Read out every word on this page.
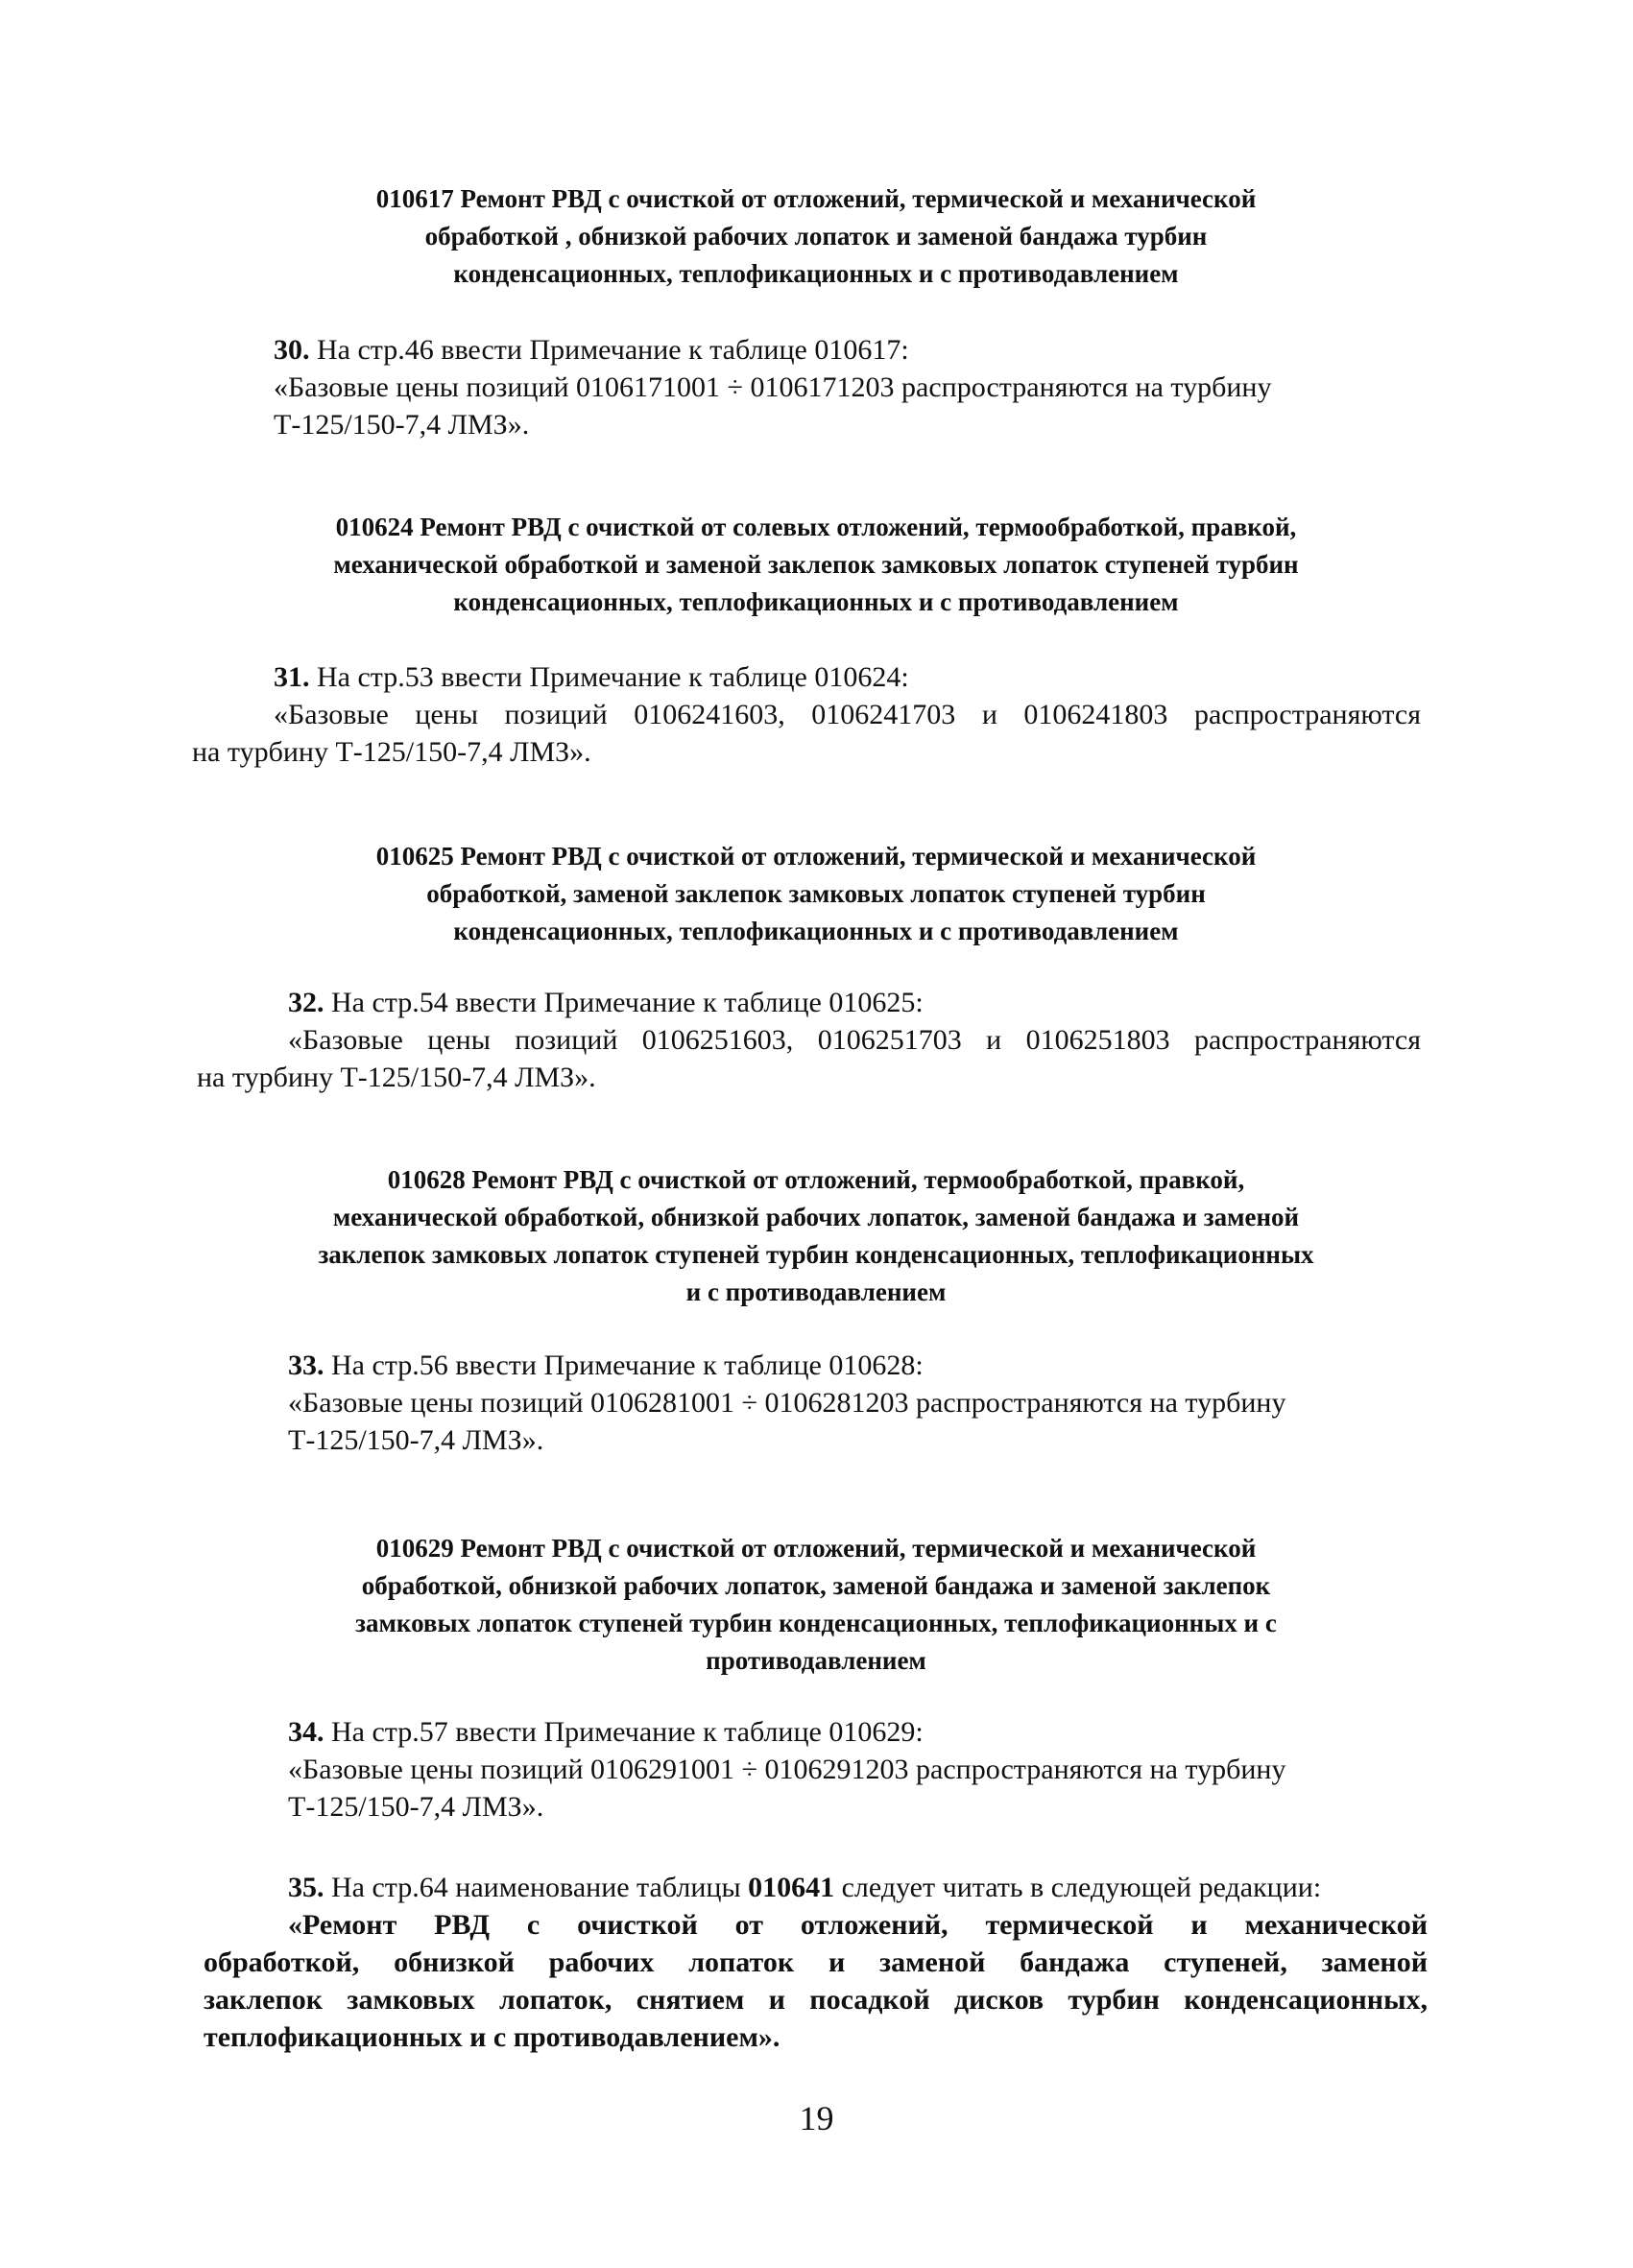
010617 Ремонт РВД с очисткой от отложений, термической и механической
обработкой , обнизкой рабочих лопаток и заменой бандажа турбин
конденсационных, теплофикационных и с противодавлением
30. На стр.46 ввести Примечание к таблице 010617:
«Базовые цены позиций 0106171001 ÷ 0106171203 распространяются на турбину
Т-125/150-7,4 ЛМЗ».
010624 Ремонт РВД с очисткой от солевых отложений, термообработкой, правкой,
механической обработкой и заменой заклепок замковых лопаток ступеней турбин
конденсационных, теплофикационных и с противодавлением
31. На стр.53 ввести Примечание к таблице 010624:
«Базовые цены позиций 0106241603, 0106241703 и 0106241803 распространяются
на турбину Т-125/150-7,4 ЛМЗ».
010625 Ремонт РВД с очисткой от отложений, термической и механической
обработкой, заменой заклепок замковых лопаток ступеней турбин
конденсационных, теплофикационных и с противодавлением
32. На стр.54 ввести Примечание к таблице 010625:
«Базовые цены позиций 0106251603, 0106251703 и 0106251803 распространяются
на турбину Т-125/150-7,4 ЛМЗ».
010628 Ремонт РВД с очисткой от отложений, термообработкой, правкой,
механической обработкой, обнизкой рабочих лопаток, заменой бандажа и заменой
заклепок замковых лопаток ступеней турбин конденсационных, теплофикационных
и с противодавлением
33. На стр.56 ввести Примечание к таблице 010628:
«Базовые цены позиций 0106281001 ÷ 0106281203 распространяются на турбину
Т-125/150-7,4 ЛМЗ».
010629 Ремонт РВД с очисткой от отложений, термической и механической
обработкой, обнизкой рабочих лопаток, заменой бандажа и заменой заклепок
замковых лопаток ступеней турбин конденсационных, теплофикационных и с
противодавлением
34. На стр.57 ввести Примечание к таблице 010629:
«Базовые цены позиций 0106291001 ÷ 0106291203 распространяются на турбину
Т-125/150-7,4 ЛМЗ».
35. На стр.64 наименование таблицы 010641 следует читать в следующей редакции:
«Ремонт РВД с очисткой от отложений, термической и механической
обработкой, обнизкой рабочих лопаток и заменой бандажа ступеней, заменой
заклепок замковых лопаток, снятием и посадкой дисков турбин конденсационных,
теплофикационных и с противодавлением».
19
